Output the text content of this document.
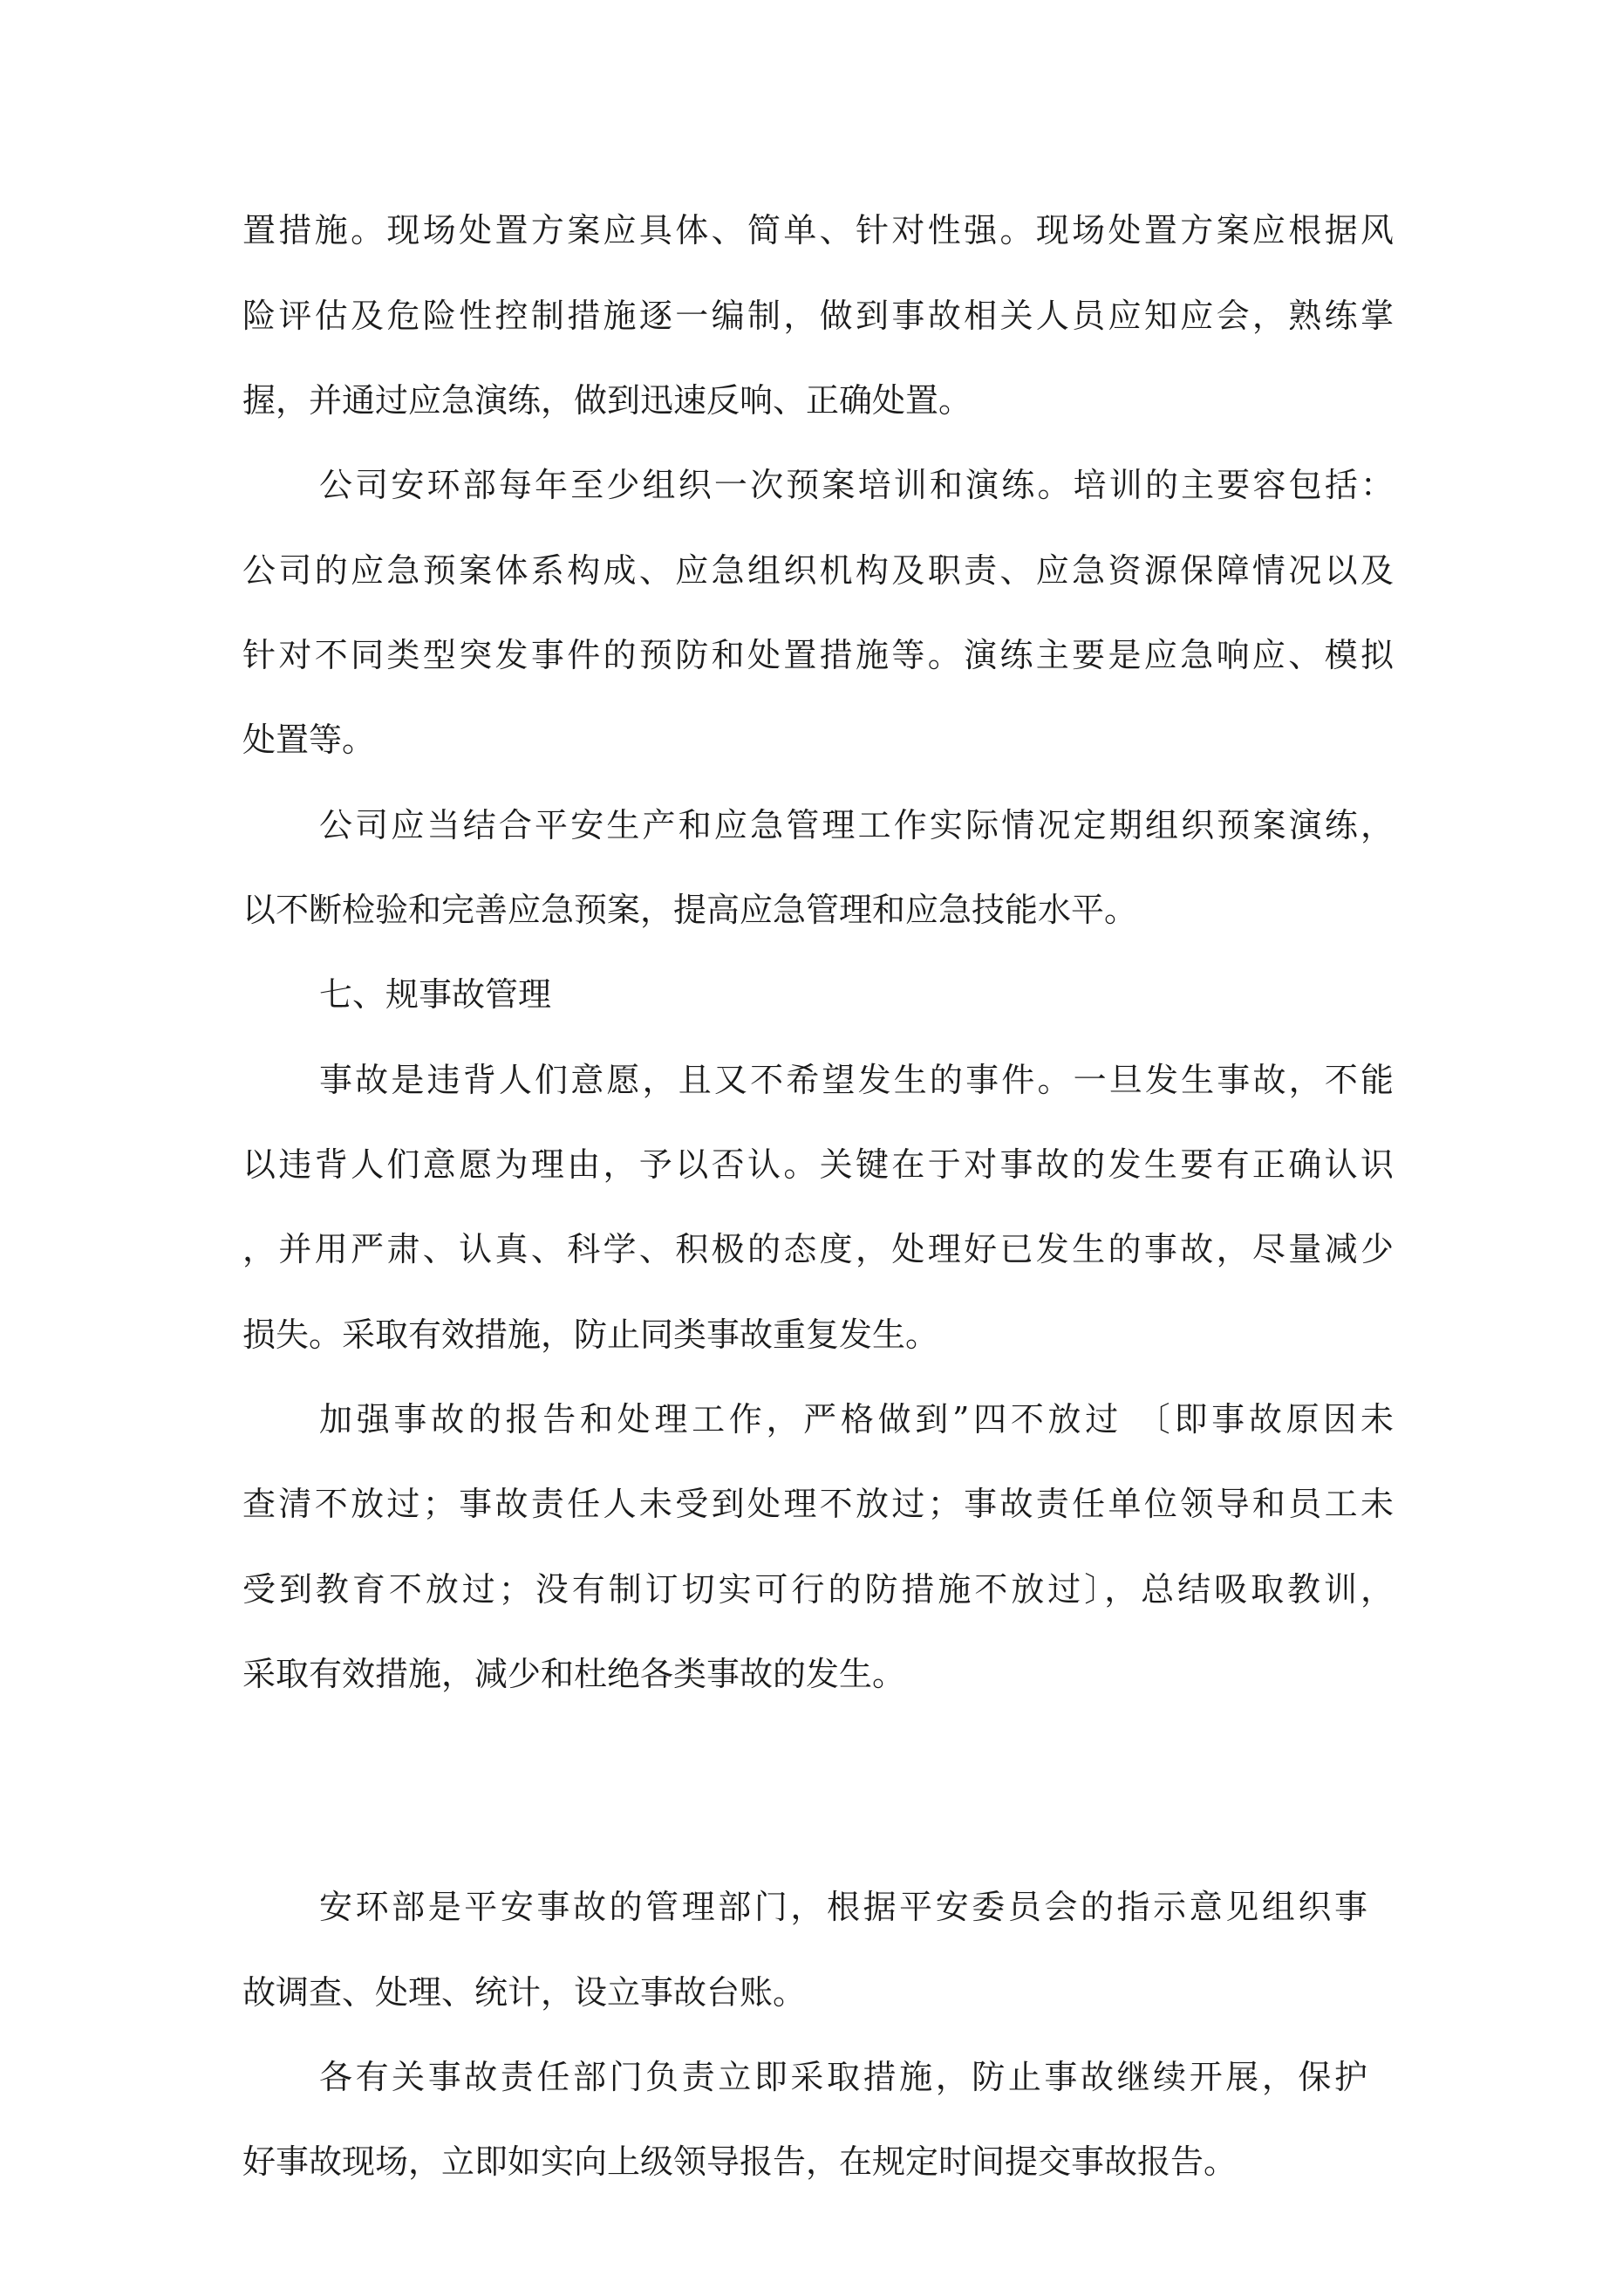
置措施。现场处置方案应具体、简单、针对性强。现场处置方案应根据风
险评估及危险性控制措施逐一编制，做到事故相关人员应知应会，熟练掌
握，并通过应急演练，做到迅速反响、正确处置。
公司安环部每年至少组织一次预案培训和演练。培训的主要容包括：
公司的应急预案体系构成、应急组织机构及职责、应急资源保障情况以及
针对不同类型突发事件的预防和处置措施等。演练主要是应急响应、模拟
处置等。
公司应当结合平安生产和应急管理工作实际情况定期组织预案演练，
以不断检验和完善应急预案，提高应急管理和应急技能水平。
七、规事故管理
事故是违背人们意愿，且又不希望发生的事件。一旦发生事故，不能
以违背人们意愿为理由，予以否认。关键在于对事故的发生要有正确认识
，并用严肃、认真、科学、积极的态度，处理好已发生的事故，尽量减少
损失。采取有效措施，防止同类事故重复发生。
加强事故的报告和处理工作，严格做到”四不放过 〔即事故原因未
查清不放过；事故责任人未受到处理不放过；事故责任单位领导和员工未
受到教育不放过；没有制订切实可行的防措施不放过〕，总结吸取教训，
采取有效措施，减少和杜绝各类事故的发生。
安环部是平安事故的管理部门，根据平安委员会的指示意见组织事
故调查、处理、统计，设立事故台账。
各有关事故责任部门负责立即采取措施，防止事故继续开展，保护
好事故现场，立即如实向上级领导报告，在规定时间提交事故报告。
